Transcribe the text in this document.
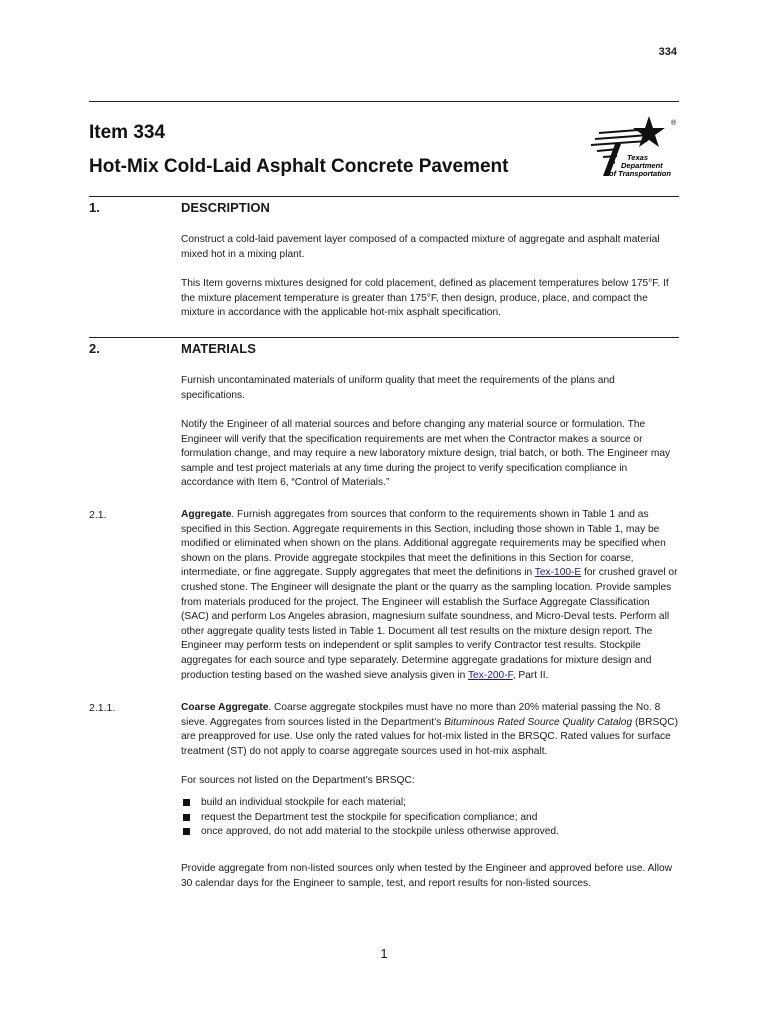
334
Item 334
Hot-Mix Cold-Laid Asphalt Concrete Pavement
®
Texas
Department
of Transportation
1.	DESCRIPTION

Construct a cold-laid pavement layer composed of a compacted mixture of aggregate and asphalt material mixed hot in a mixing plant.

This Item governs mixtures designed for cold placement, defined as placement temperatures below 175°F. If the mixture placement temperature is greater than 175°F, then design, produce, place, and compact the mixture in accordance with the applicable hot-mix asphalt specification.

2.	MATERIALS

Furnish uncontaminated materials of uniform quality that meet the requirements of the plans and specifications.

Notify the Engineer of all material sources and before changing any material source or formulation. The Engineer will verify that the specification requirements are met when the Contractor makes a source or formulation change, and may require a new laboratory mixture design, trial batch, or both. The Engineer may sample and test project materials at any time during the project to verify specification compliance in accordance with Item 6, “Control of Materials.”

2.1.	Aggregate. Furnish aggregates from sources that conform to the requirements shown in Table 1 and as specified in this Section. Aggregate requirements in this Section, including those shown in Table 1, may be modified or eliminated when shown on the plans. Additional aggregate requirements may be specified when shown on the plans. Provide aggregate stockpiles that meet the definitions in this Section for coarse, intermediate, or fine aggregate. Supply aggregates that meet the definitions in Tex-100-E for crushed gravel or crushed stone. The Engineer will designate the plant or the quarry as the sampling location. Provide samples from materials produced for the project. The Engineer will establish the Surface Aggregate Classification (SAC) and perform Los Angeles abrasion, magnesium sulfate soundness, and Micro-Deval tests. Perform all other aggregate quality tests listed in Table 1. Document all test results on the mixture design report. The Engineer may perform tests on independent or split samples to verify Contractor test results. Stockpile aggregates for each source and type separately. Determine aggregate gradations for mixture design and production testing based on the washed sieve analysis given in Tex-200-F, Part II.

2.1.1.	Coarse Aggregate. Coarse aggregate stockpiles must have no more than 20% material passing the No. 8 sieve. Aggregates from sources listed in the Department’s Bituminous Rated Source Quality Catalog (BRSQC) are preapproved for use. Use only the rated values for hot-mix listed in the BRSQC. Rated values for surface treatment (ST) do not apply to coarse aggregate sources used in hot-mix asphalt.

For sources not listed on the Department’s BRSQC:

build an individual stockpile for each material;
request the Department test the stockpile for specification compliance; and
once approved, do not add material to the stockpile unless otherwise approved.

Provide aggregate from non-listed sources only when tested by the Engineer and approved before use. Allow 30 calendar days for the Engineer to sample, test, and report results for non-listed sources.

1
